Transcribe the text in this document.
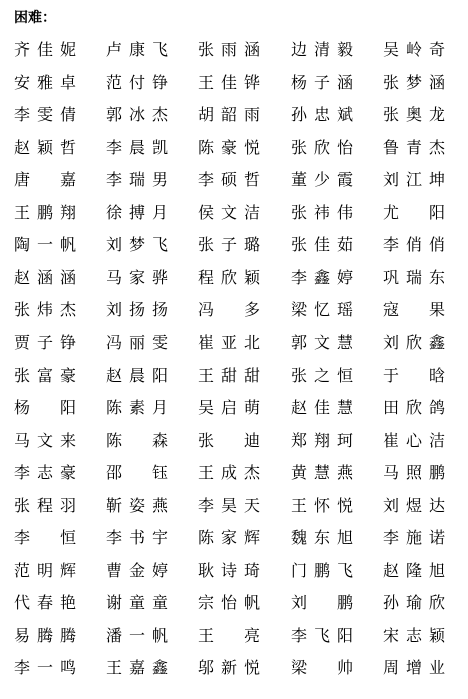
困难：
齐 佳 妮 卢 康 飞 张 雨 涵 边 清 毅 吴 岭 奇
安 雅 卓 范 付 铮 王 佳 铧 杨 子 涵 张 梦 涵
李 雯 倩 郭 冰 杰 胡 韶 雨 孙 忠 斌 张 奥 龙
赵 颖 哲 李 晨 凯 陈 豪 悦 张 欣 怡 鲁 青 杰
唐 嘉 李 瑞 男 李 硕 哲 董 少 霞 刘 江 坤
王 鹏 翔 徐 搏 月 侯 文 洁 张 祎 伟 尤 阳
陶 一 帆 刘 梦 飞 张 子 璐 张 佳 茹 李 俏 俏
赵 涵 涵 马 家 骅 程 欣 颖 李 鑫 婷 巩 瑞 东
张 炜 杰 刘 扬 扬 冯 多 梁 忆 瑶 寇 果
贾 子 铮 冯 丽 雯 崔 亚 北 郭 文 慧 刘 欣 鑫
张 富 豪 赵 晨 阳 王 甜 甜 张 之 恒 于 晗
杨 阳 陈 素 月 吴 启 萌 赵 佳 慧 田 欣 鸽
马 文 来 陈 森 张 迪 郑 翔 珂 崔 心 洁
李 志 豪 邵 钰 王 成 杰 黄 慧 燕 马 照 鹏
张 程 羽 靳 姿 燕 李 昊 天 王 怀 悦 刘 煜 达
李 恒 李 书 宇 陈 家 辉 魏 东 旭 李 施 诺
范 明 辉 曹 金 婷 耿 诗 琦 门 鹏 飞 赵 隆 旭
代 春 艳 谢 童 童 宗 怡 帆 刘 鹏 孙 瑜 欣
易 腾 腾 潘 一 帆 王 亮 李 飞 阳 宋 志 颖
李 一 鸣 王 嘉 鑫 邬 新 悦 梁 帅 周 增 业
